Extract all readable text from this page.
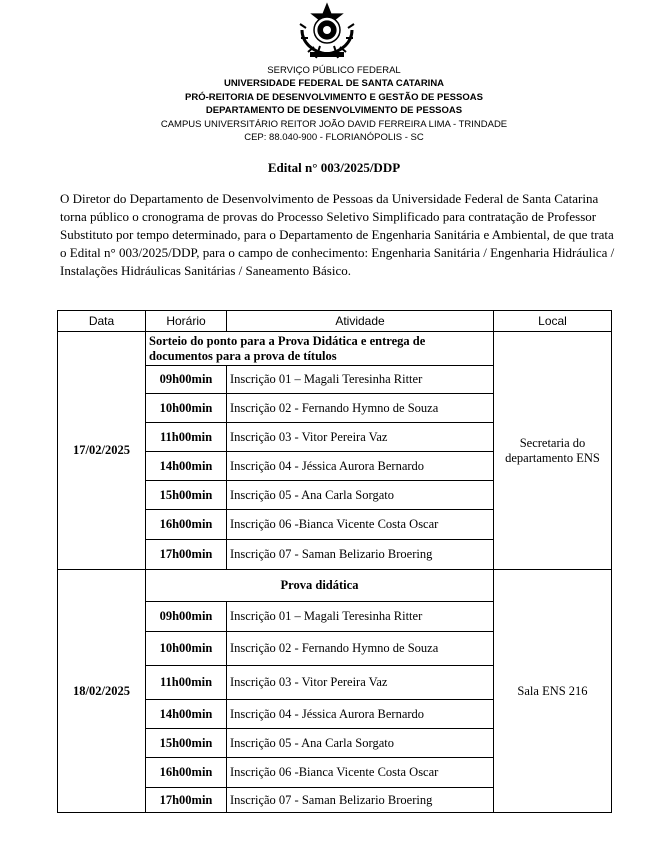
SERVIÇO PÚBLICO FEDERAL
UNIVERSIDADE FEDERAL DE SANTA CATARINA
PRÓ-REITORIA DE DESENVOLVIMENTO E GESTÃO DE PESSOAS
DEPARTAMENTO DE DESENVOLVIMENTO DE PESSOAS
CAMPUS UNIVERSITÁRIO REITOR JOÃO DAVID FERREIRA LIMA - TRINDADE
CEP: 88.040-900 - FLORIANÓPOLIS - SC
Edital n° 003/2025/DDP

O Diretor do Departamento de Desenvolvimento de Pessoas da Universidade Federal de Santa Catarina torna público o cronograma de provas do Processo Seletivo Simplificado para contratação de Professor Substituto por tempo determinado, para o Departamento de Engenharia Sanitária e Ambiental, de que trata o Edital n° 003/2025/DDP, para o campo de conhecimento: Engenharia Sanitária / Engenharia Hidráulica / Instalações Hidráulicas Sanitárias / Saneamento Básico.

Data	Horário	Atividade	Local
17/02/2025	Sorteio do ponto para a Prova Didática e entrega de documentos para a prova de títulos		Secretaria do departamento ENS
	09h00min	Inscrição 01 – Magali Teresinha Ritter	
	10h00min	Inscrição 02 - Fernando Hymno de Souza	
	11h00min	Inscrição 03 - Vitor Pereira Vaz	
	14h00min	Inscrição 04 - Jéssica Aurora Bernardo	
	15h00min	Inscrição 05 - Ana Carla Sorgato	
	16h00min	Inscrição 06 -Bianca Vicente Costa Oscar	
	17h00min	Inscrição 07 - Saman Belizario Broering	
18/02/2025	Prova didática		Sala ENS 216
	09h00min	Inscrição 01 – Magali Teresinha Ritter	
	10h00min	Inscrição 02 - Fernando Hymno de Souza	
	11h00min	Inscrição 03 - Vitor Pereira Vaz	
	14h00min	Inscrição 04 - Jéssica Aurora Bernardo	
	15h00min	Inscrição 05 - Ana Carla Sorgato	
	16h00min	Inscrição 06 -Bianca Vicente Costa Oscar	
	17h00min	Inscrição 07 - Saman Belizario Broering	
